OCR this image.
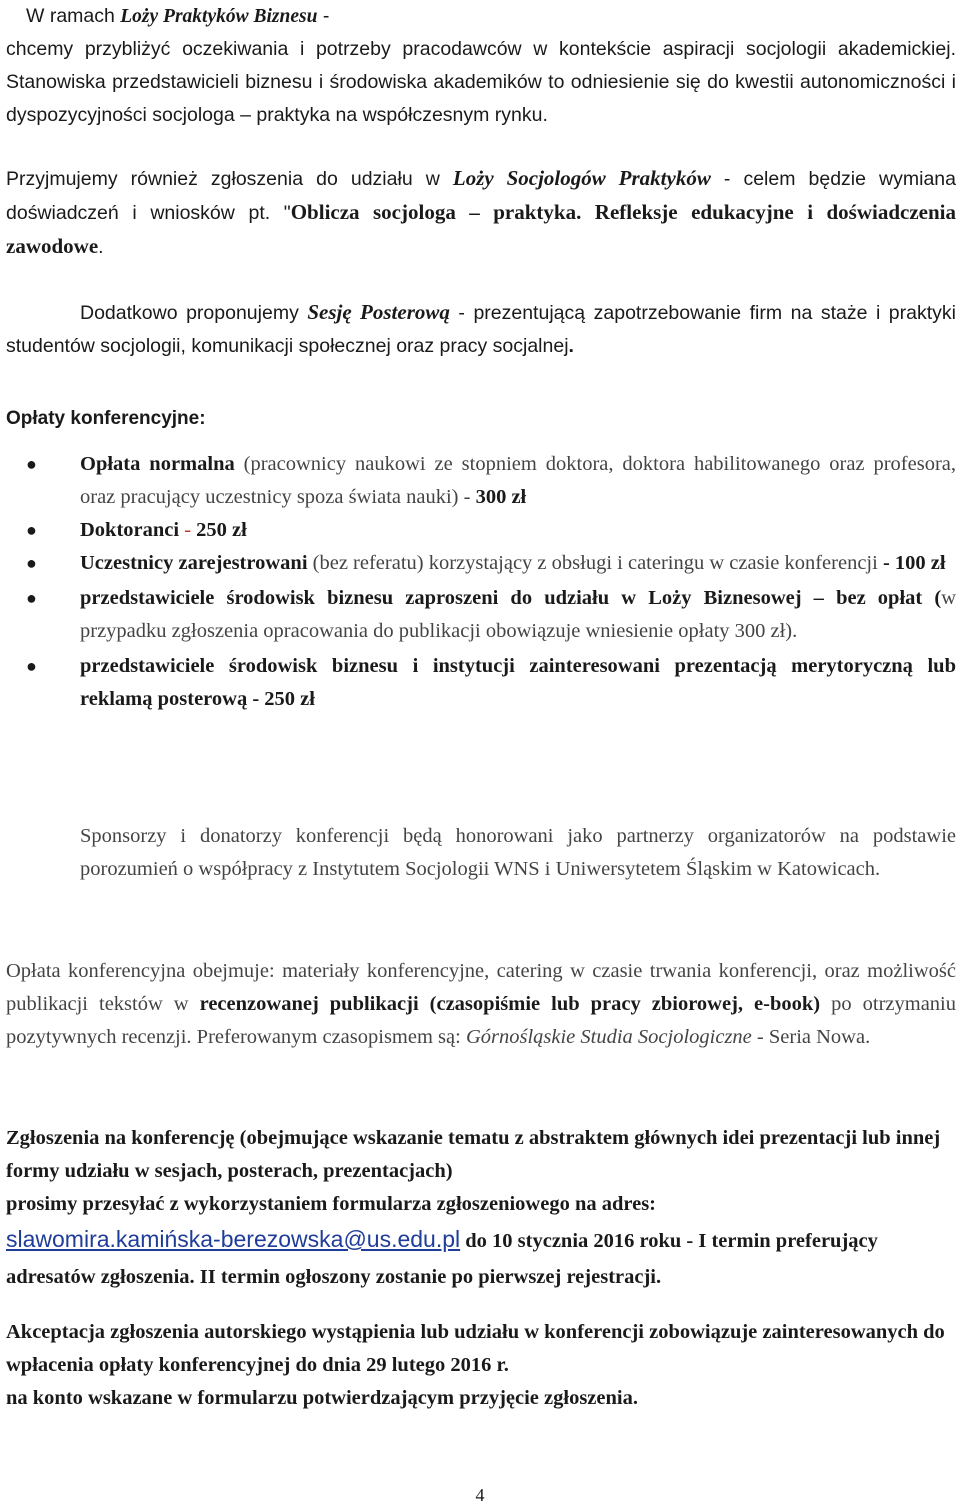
W ramach Loży Praktyków Biznesu -

chcemy przybliżyć oczekiwania i potrzeby pracodawców w kontekście aspiracji socjologii akademickiej. Stanowiska przedstawicieli biznesu i środowiska akademików to odniesienie się do kwestii autonomiczności i dyspozycyjności socjologa – praktyka na współczesnym rynku.

Przyjmujemy również zgłoszenia do udziału w Loży Socjologów Praktyków - celem będzie wymiana doświadczeń i wniosków pt. "Oblicza socjologa – praktyka. Refleksje edukacyjne i doświadczenia zawodowe.

Dodatkowo proponujemy Sesję Posterową - prezentującą zapotrzebowanie firm na staże i praktyki studentów socjologii, komunikacji społecznej oraz pracy socjalnej.

Opłaty konferencyjne:

● Opłata normalna (pracownicy naukowi ze stopniem doktora, doktora habilitowanego oraz profesora, oraz pracujący uczestnicy spoza świata nauki) - 300 zł
● Doktoranci - 250 zł
● Uczestnicy zarejestrowani (bez referatu) korzystający z obsługi i cateringu w czasie konferencji - 100 zł
● przedstawiciele środowisk biznesu zaproszeni do udziału w Loży Biznesowej – bez opłat (w przypadku zgłoszenia opracowania do publikacji obowiązuje wniesienie opłaty 300 zł).
● przedstawiciele środowisk biznesu i instytucji zainteresowani prezentacją merytoryczną lub reklamą posterową - 250 zł

Sponsorzy i donatorzy konferencji będą honorowani jako partnerzy organizatorów na podstawie porozumień o współpracy z Instytutem Socjologii WNS i Uniwersytetem Śląskim w Katowicach.

Opłata konferencyjna obejmuje: materiały konferencyjne, catering w czasie trwania konferencji, oraz możliwość publikacji tekstów w recenzowanej publikacji (czasopiśmie lub pracy zbiorowej, e-book) po otrzymaniu pozytywnych recenzji. Preferowanym czasopismem są: Górnośląskie Studia Socjologiczne - Seria Nowa.

Zgłoszenia na konferencję (obejmujące wskazanie tematu z abstraktem głównych idei prezentacji lub innej formy udziału w sesjach, posterach, prezentacjach)

prosimy przesyłać z wykorzystaniem formularza zgłoszeniowego na adres:

slawomira.kamińska-berezowska@us.edu.pl do 10 stycznia 2016 roku - I termin preferujący adresatów zgłoszenia. II termin ogłoszony zostanie po pierwszej rejestracji.

Akceptacja zgłoszenia autorskiego wystąpienia lub udziału w konferencji zobowiązuje zainteresowanych do wpłacenia opłaty konferencyjnej do dnia 29 lutego 2016 r.

na konto wskazane w formularzu potwierdzającym przyjęcie zgłoszenia.

4
